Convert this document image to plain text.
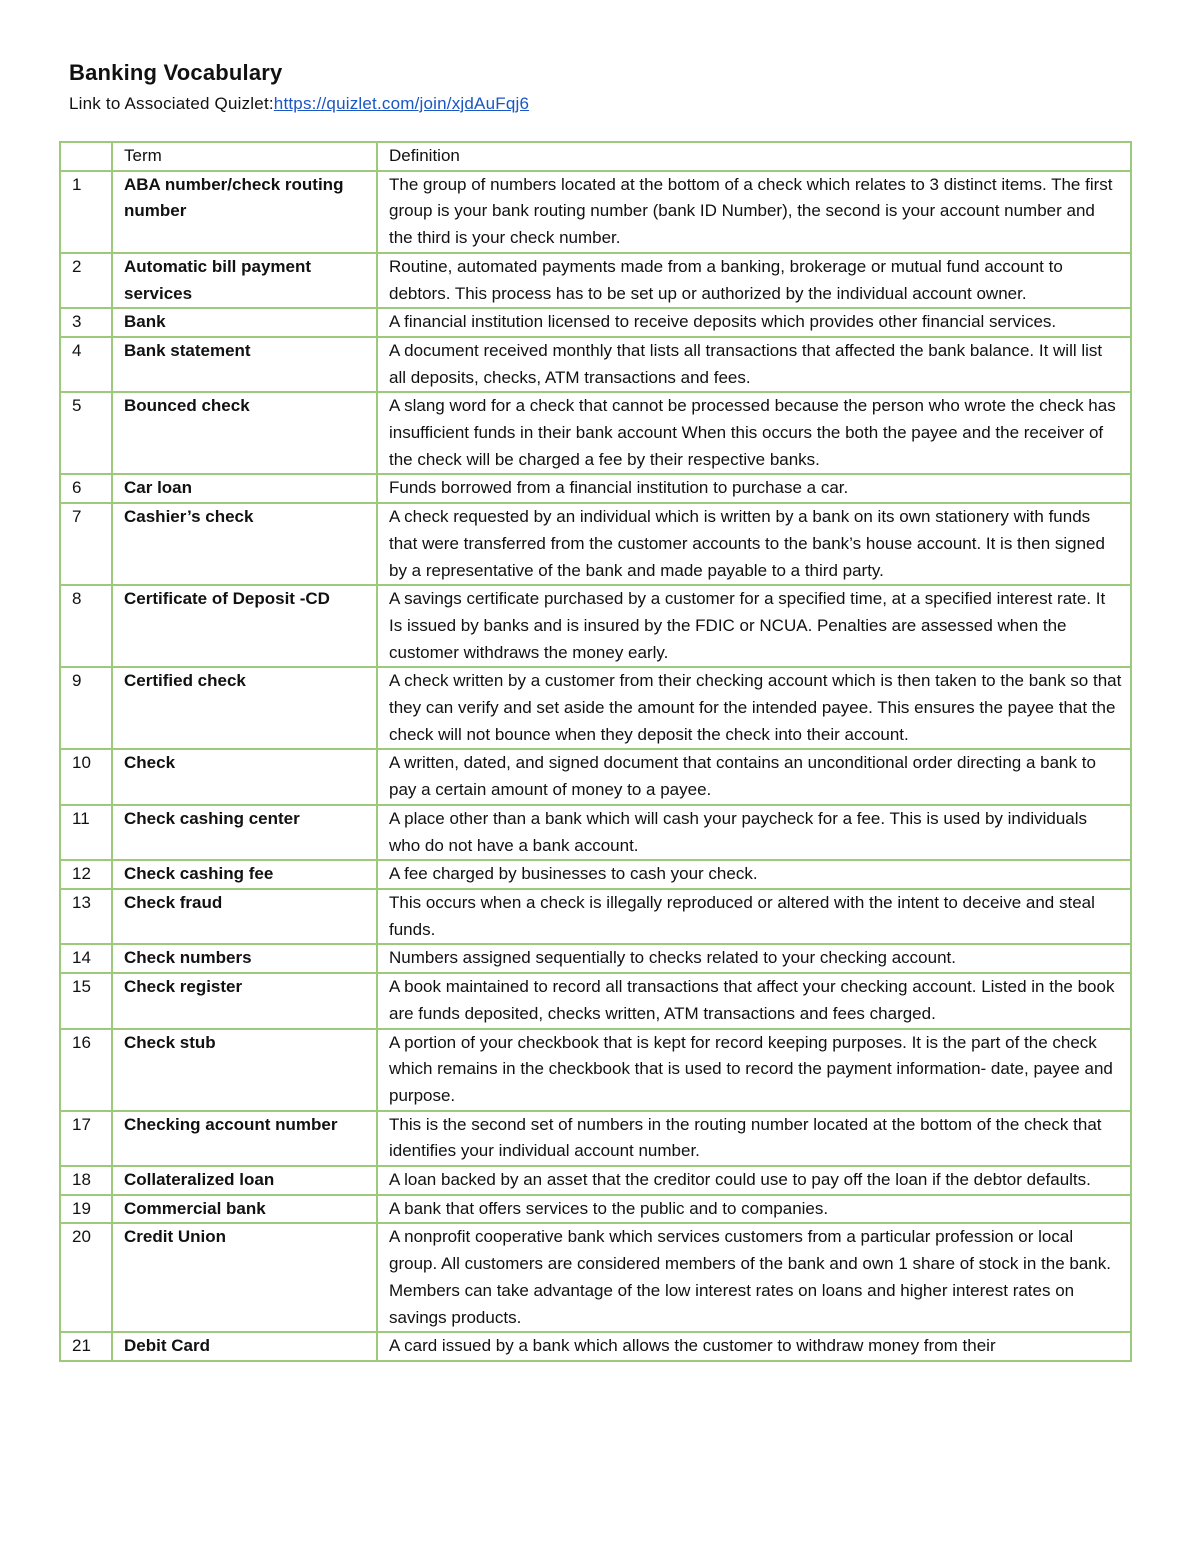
Banking Vocabulary
Link to Associated Quizlet:https://quizlet.com/join/xjdAuFqj6
	Term	Definition
1	ABA number/check routing number	The group of numbers located at the bottom of a check which relates to 3 distinct items. The first group is your bank routing number (bank ID Number), the second is your account number and the third is your check number.
2	Automatic bill payment services	Routine, automated payments made from a banking, brokerage or mutual fund account to debtors. This process has to be set up or authorized by the individual account owner.
3	Bank	A financial institution licensed to receive deposits which provides other financial services.
4	Bank statement	A document received monthly that lists all transactions that affected the bank balance. It will list all deposits, checks, ATM transactions and fees.
5	Bounced check	A slang word for a check that cannot be processed because the person who wrote the check has insufficient funds in their bank account When this occurs the both the payee and the receiver of the check will be charged a fee by their respective banks.
6	Car loan	Funds borrowed from a financial institution to purchase a car.
7	Cashier’s check	A check requested by an individual which is written by a bank on its own stationery with funds that were transferred from the customer accounts to the bank’s house account. It is then signed by a representative of the bank and made payable to a third party.
8	Certificate of Deposit -CD	A savings certificate purchased by a customer for a specified time, at a specified interest rate. It Is issued by banks and is insured by the FDIC or NCUA. Penalties are assessed when the customer withdraws the money early.
9	Certified check	A check written by a customer from their checking account which is then taken to the bank so that they can verify and set aside the amount for the intended payee. This ensures the payee that the check will not bounce when they deposit the check into their account.
10	Check	A written, dated, and signed document that contains an unconditional order directing a bank to pay a certain amount of money to a payee.
11	Check cashing center	A place other than a bank which will cash your paycheck for a fee. This is used by individuals who do not have a bank account.
12	Check cashing fee	A fee charged by businesses to cash your check.
13	Check fraud	This occurs when a check is illegally reproduced or altered with the intent to deceive and steal funds.
14	Check numbers	Numbers assigned sequentially to checks related to your checking account.
15	Check register	A book maintained to record all transactions that affect your checking account. Listed in the book are funds deposited, checks written, ATM transactions and fees charged.
16	Check stub	A portion of your checkbook that is kept for record keeping purposes. It is the part of the check which remains in the checkbook that is used to record the payment information- date, payee and purpose.
17	Checking account number	This is the second set of numbers in the routing number located at the bottom of the check that identifies your individual account number.
18	Collateralized loan	A loan backed by an asset that the creditor could use to pay off the loan if the debtor defaults.
19	Commercial bank	A bank that offers services to the public and to companies.
20	Credit Union	A nonprofit cooperative bank which services customers from a particular profession or local group. All customers are considered members of the bank and own 1 share of stock in the bank. Members can take advantage of the low interest rates on loans and higher interest rates on savings products.
21	Debit Card	A card issued by a bank which allows the customer to withdraw money from their
